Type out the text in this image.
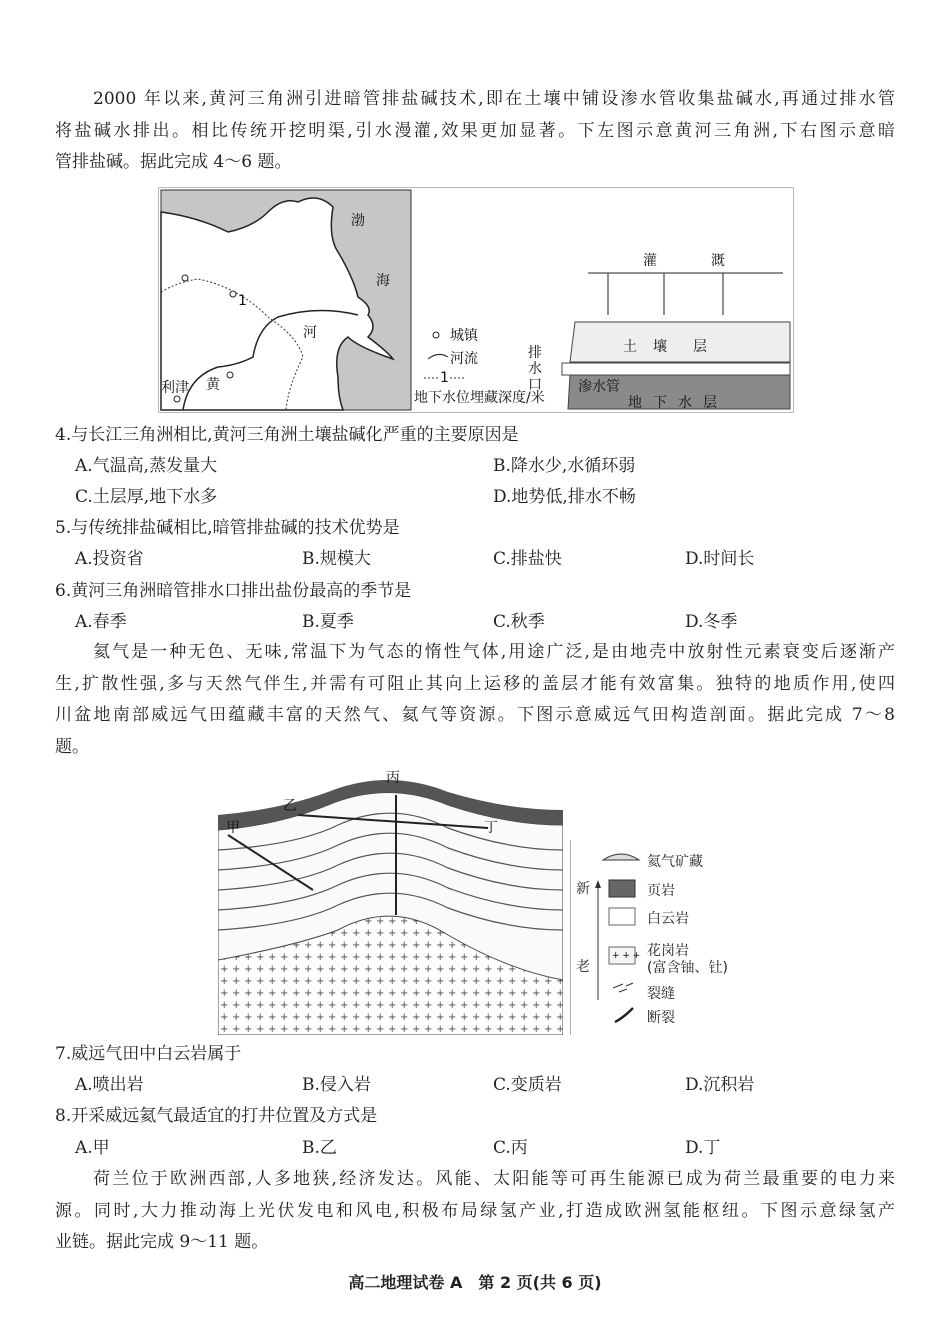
2000 年以来,黄河三角洲引进暗管排盐碱技术,即在土壤中铺设渗水管收集盐碱水,再通过排水管
将盐碱水排出。相比传统开挖明渠,引水漫灌,效果更加显著。下左图示意黄河三角洲,下右图示意暗
管排盐碱。据此完成 4～6 题。
渤
海
河
黄
利津
1
城镇
河流
1
地下水位埋藏深度/米
灌	溉
土 壤 层
渗水管
地 下 水 层
排
水
口
4.与长江三角洲相比,黄河三角洲土壤盐碱化严重的主要原因是
A.气温高,蒸发量大	B.降水少,水循环弱
C.土层厚,地下水多	D.地势低,排水不畅
5.与传统排盐碱相比,暗管排盐碱的技术优势是
A.投资省	B.规模大	C.排盐快	D.时间长
6.黄河三角洲暗管排水口排出盐份最高的季节是
A.春季	B.夏季	C.秋季	D.冬季
氦气是一种无色、无味,常温下为气态的惰性气体,用途广泛,是由地壳中放射性元素衰变后逐渐产
生,扩散性强,多与天然气伴生,并需有可阻止其向上运移的盖层才能有效富集。独特的地质作用,使四
川盆地南部威远气田蕴藏丰富的天然气、氦气等资源。下图示意威远气田构造剖面。据此完成 7～8
题。
甲
乙
丙
丁
+ + +
新
老
氦气矿藏
页岩
白云岩
花岗岩
(富含铀、钍)
裂缝
断裂
7.威远气田中白云岩属于
A.喷出岩	B.侵入岩	C.变质岩	D.沉积岩
8.开采威远氦气最适宜的打井位置及方式是
A.甲	B.乙	C.丙	D.丁
荷兰位于欧洲西部,人多地狭,经济发达。风能、太阳能等可再生能源已成为荷兰最重要的电力来
源。同时,大力推动海上光伏发电和风电,积极布局绿氢产业,打造成欧洲氢能枢纽。下图示意绿氢产
业链。据此完成 9～11 题。
高二地理试卷 A　第 2 页(共 6 页)
